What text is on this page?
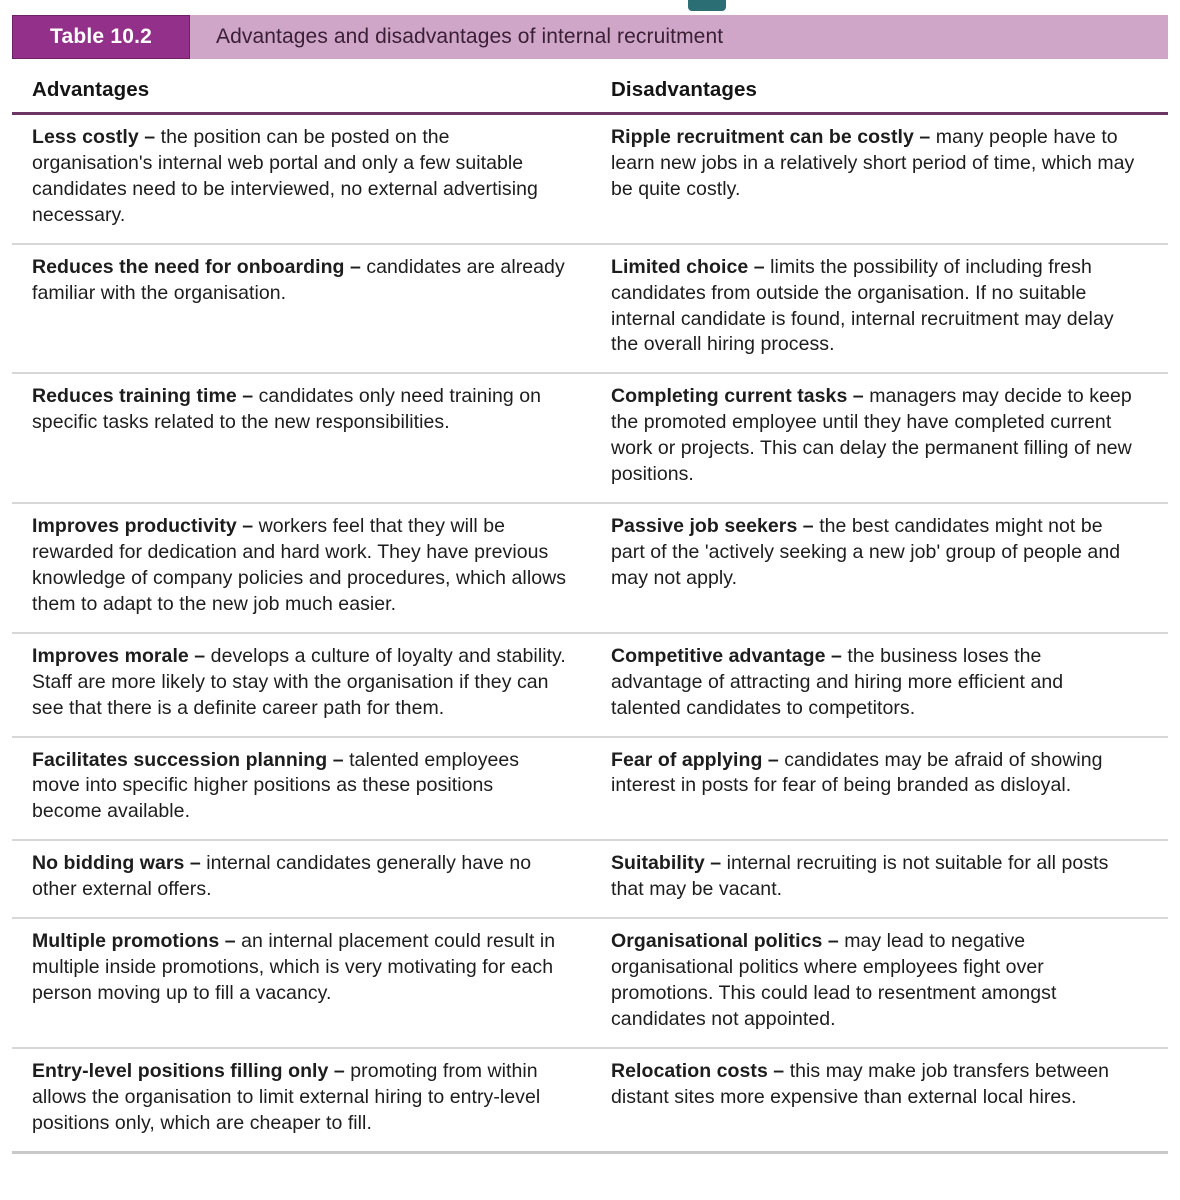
Table 10.2	Advantages and disadvantages of internal recruitment
Advantages	Disadvantages
Less costly – the position can be posted on the organisation's internal web portal and only a few suitable candidates need to be interviewed, no external advertising necessary.
Ripple recruitment can be costly – many people have to learn new jobs in a relatively short period of time, which may be quite costly.
Reduces the need for onboarding – candidates are already familiar with the organisation.
Limited choice – limits the possibility of including fresh candidates from outside the organisation. If no suitable internal candidate is found, internal recruitment may delay the overall hiring process.
Reduces training time – candidates only need training on specific tasks related to the new responsibilities.
Completing current tasks – managers may decide to keep the promoted employee until they have completed current work or projects. This can delay the permanent filling of new positions.
Improves productivity – workers feel that they will be rewarded for dedication and hard work. They have previous knowledge of company policies and procedures, which allows them to adapt to the new job much easier.
Passive job seekers – the best candidates might not be part of the 'actively seeking a new job' group of people and may not apply.
Improves morale – develops a culture of loyalty and stability. Staff are more likely to stay with the organisation if they can see that there is a definite career path for them.
Competitive advantage – the business loses the advantage of attracting and hiring more efficient and talented candidates to competitors.
Facilitates succession planning – talented employees move into specific higher positions as these positions become available.
Fear of applying – candidates may be afraid of showing interest in posts for fear of being branded as disloyal.
No bidding wars – internal candidates generally have no other external offers.
Suitability – internal recruiting is not suitable for all posts that may be vacant.
Multiple promotions – an internal placement could result in multiple inside promotions, which is very motivating for each person moving up to fill a vacancy.
Organisational politics – may lead to negative organisational politics where employees fight over promotions. This could lead to resentment amongst candidates not appointed.
Entry-level positions filling only – promoting from within allows the organisation to limit external hiring to entry-level positions only, which are cheaper to fill.
Relocation costs – this may make job transfers between distant sites more expensive than external local hires.
